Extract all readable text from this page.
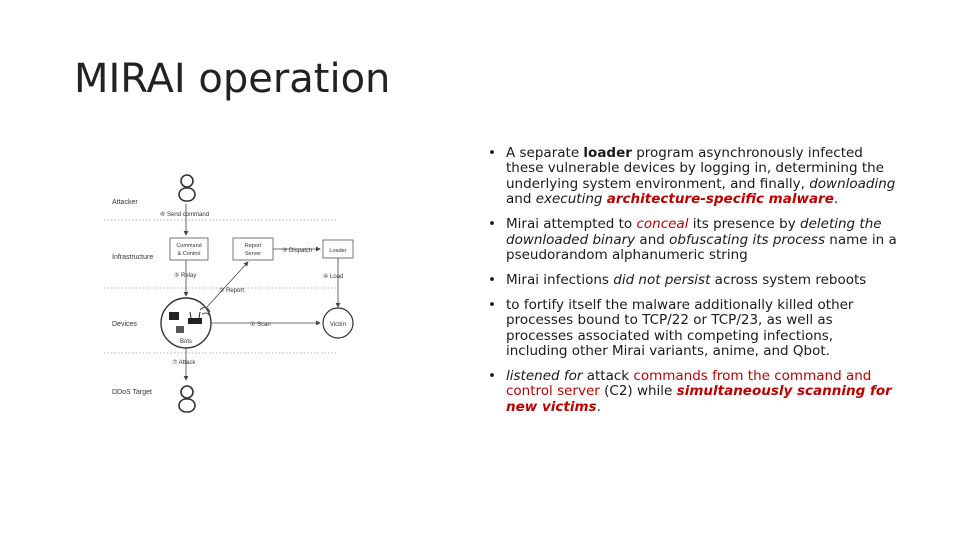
MIRAI operation
Attacker
Infrastructure
Devices
DDoS Target
⑥ Send command
Command
& Control
Report
Server	Loader
③ Dispatch
⑤ Relay
② Report
④ Load
Bots
Victim
① Scan
⑦ Attack
• A separate loader program asynchronously infected these vulnerable devices by logging in, determining the underlying system environment, and finally, downloading and executing architecture-specific malware.
• Mirai attempted to conceal its presence by deleting the downloaded binary and obfuscating its process name in a pseudorandom alphanumeric string
• Mirai infections did not persist across system reboots
• to fortify itself the malware additionally killed other processes bound to TCP/22 or TCP/23, as well as processes associated with competing infections, including other Mirai variants, anime, and Qbot.
• listened for attack commands from the command and control server (C2) while simultaneously scanning for new victims.
